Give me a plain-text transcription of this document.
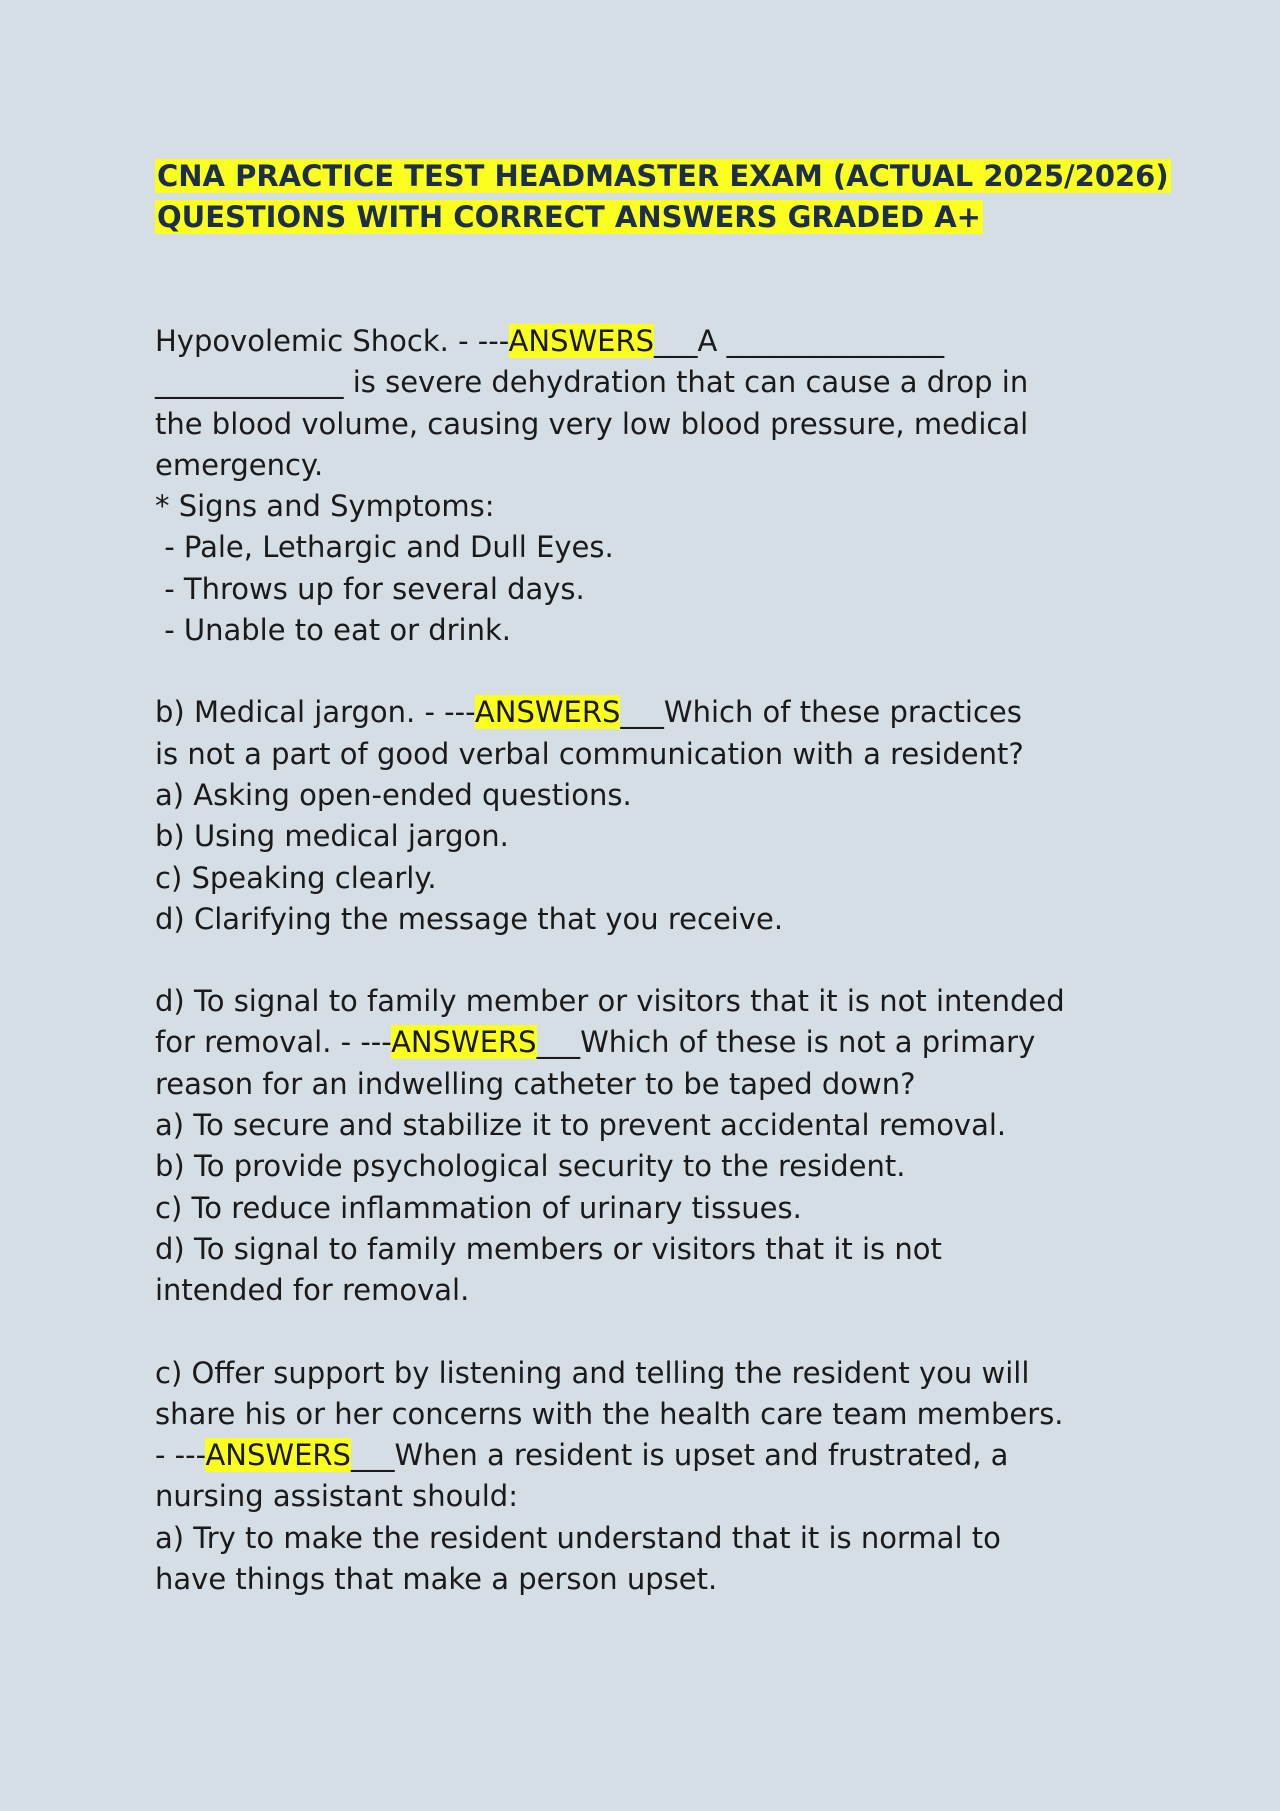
CNA PRACTICE TEST HEADMASTER EXAM (ACTUAL 2025/2026)
QUESTIONS WITH CORRECT ANSWERS GRADED A+
Hypovolemic Shock. - ---ANSWERS___A _______________
_____________ is severe dehydration that can cause a drop in
the blood volume, causing very low blood pressure, medical
emergency.
* Signs and Symptoms:
- Pale, Lethargic and Dull Eyes.
- Throws up for several days.
- Unable to eat or drink.
b) Medical jargon. - ---ANSWERS___Which of these practices
is not a part of good verbal communication with a resident?
a) Asking open-ended questions.
b) Using medical jargon.
c) Speaking clearly.
d) Clarifying the message that you receive.
d) To signal to family member or visitors that it is not intended
for removal. - ---ANSWERS___Which of these is not a primary
reason for an indwelling catheter to be taped down?
a) To secure and stabilize it to prevent accidental removal.
b) To provide psychological security to the resident.
c) To reduce inflammation of urinary tissues.
d) To signal to family members or visitors that it is not
intended for removal.
c) Offer support by listening and telling the resident you will
share his or her concerns with the health care team members.
- ---ANSWERS___When a resident is upset and frustrated, a
nursing assistant should:
a) Try to make the resident understand that it is normal to
have things that make a person upset.
